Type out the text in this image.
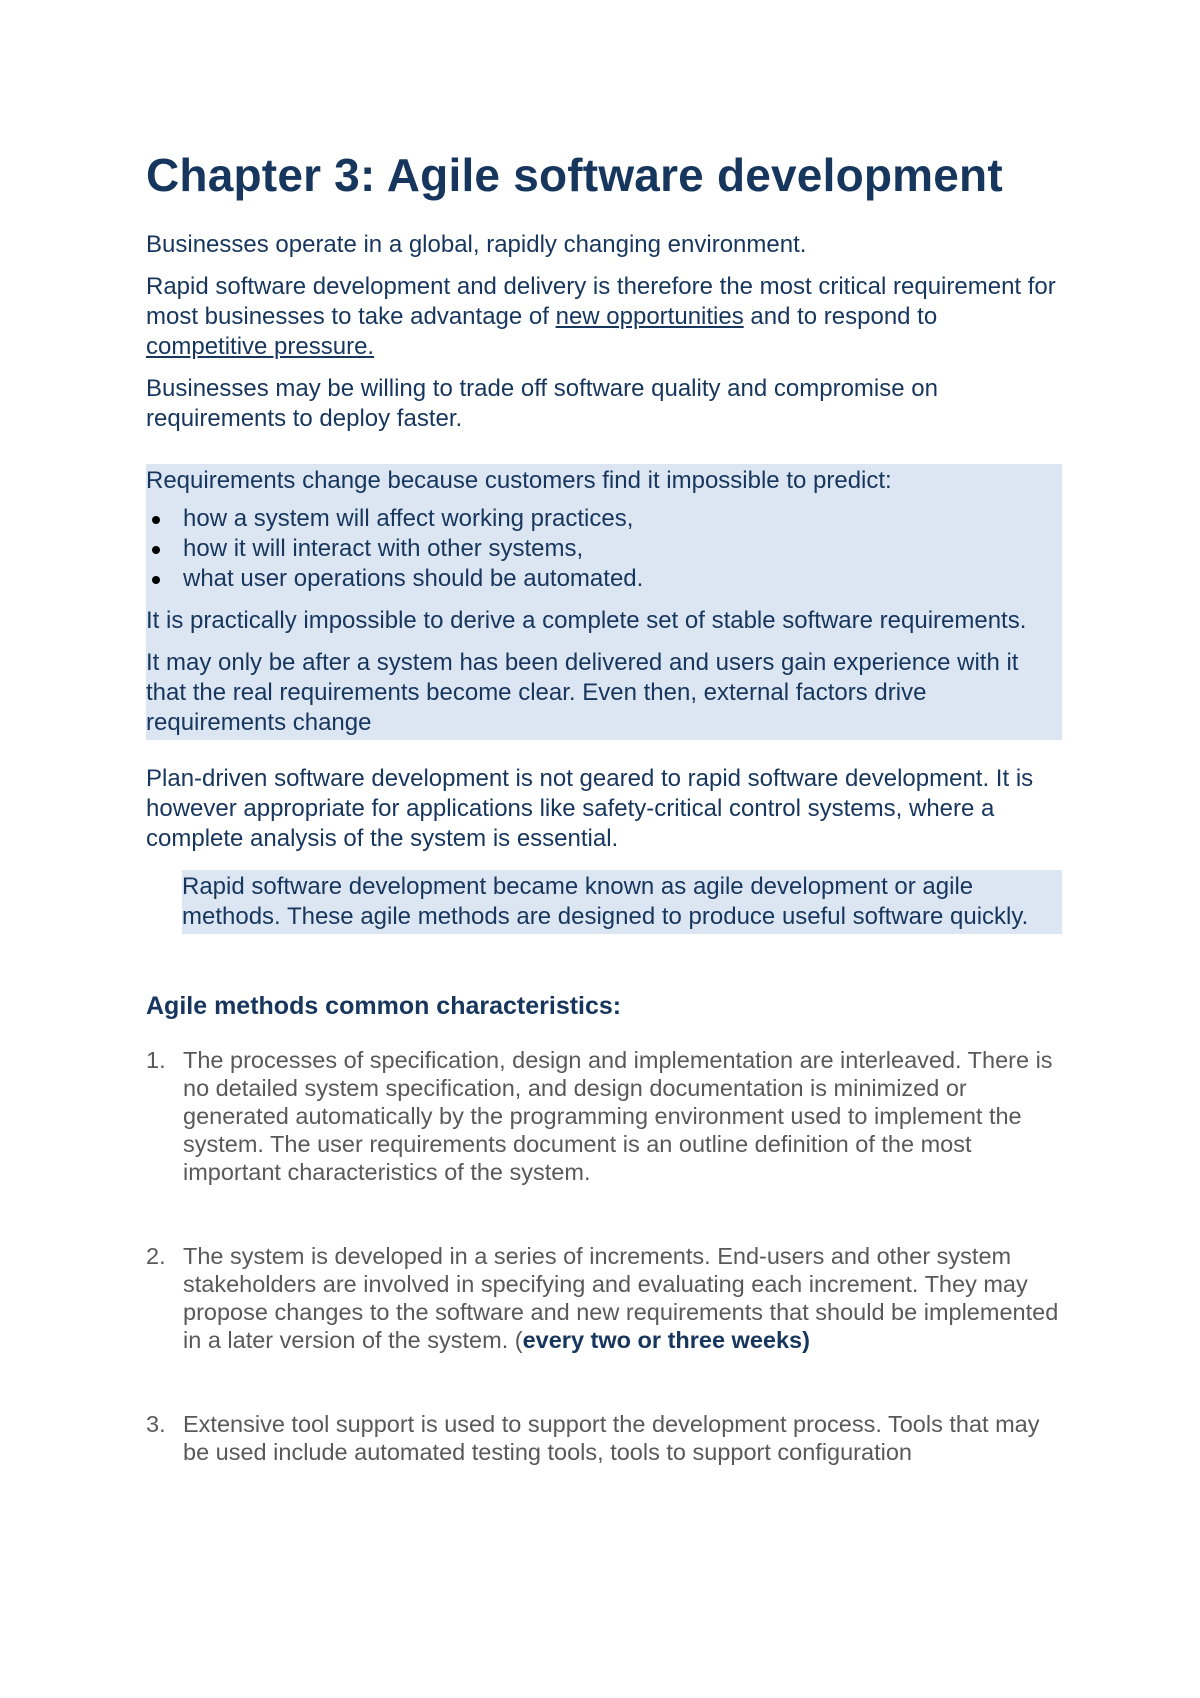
Chapter 3: Agile software development

Businesses operate in a global, rapidly changing environment.

Rapid software development and delivery is therefore the most critical requirement for most businesses to take advantage of new opportunities and to respond to competitive pressure.

Businesses may be willing to trade off software quality and compromise on requirements to deploy faster.

Requirements change because customers find it impossible to predict:

how a system will affect working practices,
how it will interact with other systems,
what user operations should be automated.

It is practically impossible to derive a complete set of stable software requirements.

It may only be after a system has been delivered and users gain experience with it that the real requirements become clear. Even then, external factors drive requirements change

Plan-driven software development is not geared to rapid software development. It is however appropriate for applications like safety-critical control systems, where a complete analysis of the system is essential.

Rapid software development became known as agile development or agile methods. These agile methods are designed to produce useful software quickly.

Agile methods common characteristics:
1. The processes of specification, design and implementation are interleaved. There is no detailed system specification, and design documentation is minimized or generated automatically by the programming environment used to implement the system. The user requirements document is an outline definition of the most important characteristics of the system.
2. The system is developed in a series of increments. End-users and other system stakeholders are involved in specifying and evaluating each increment. They may propose changes to the software and new requirements that should be implemented in a later version of the system. (every two or three weeks)
3. Extensive tool support is used to support the development process. Tools that may be used include automated testing tools, tools to support configuration
